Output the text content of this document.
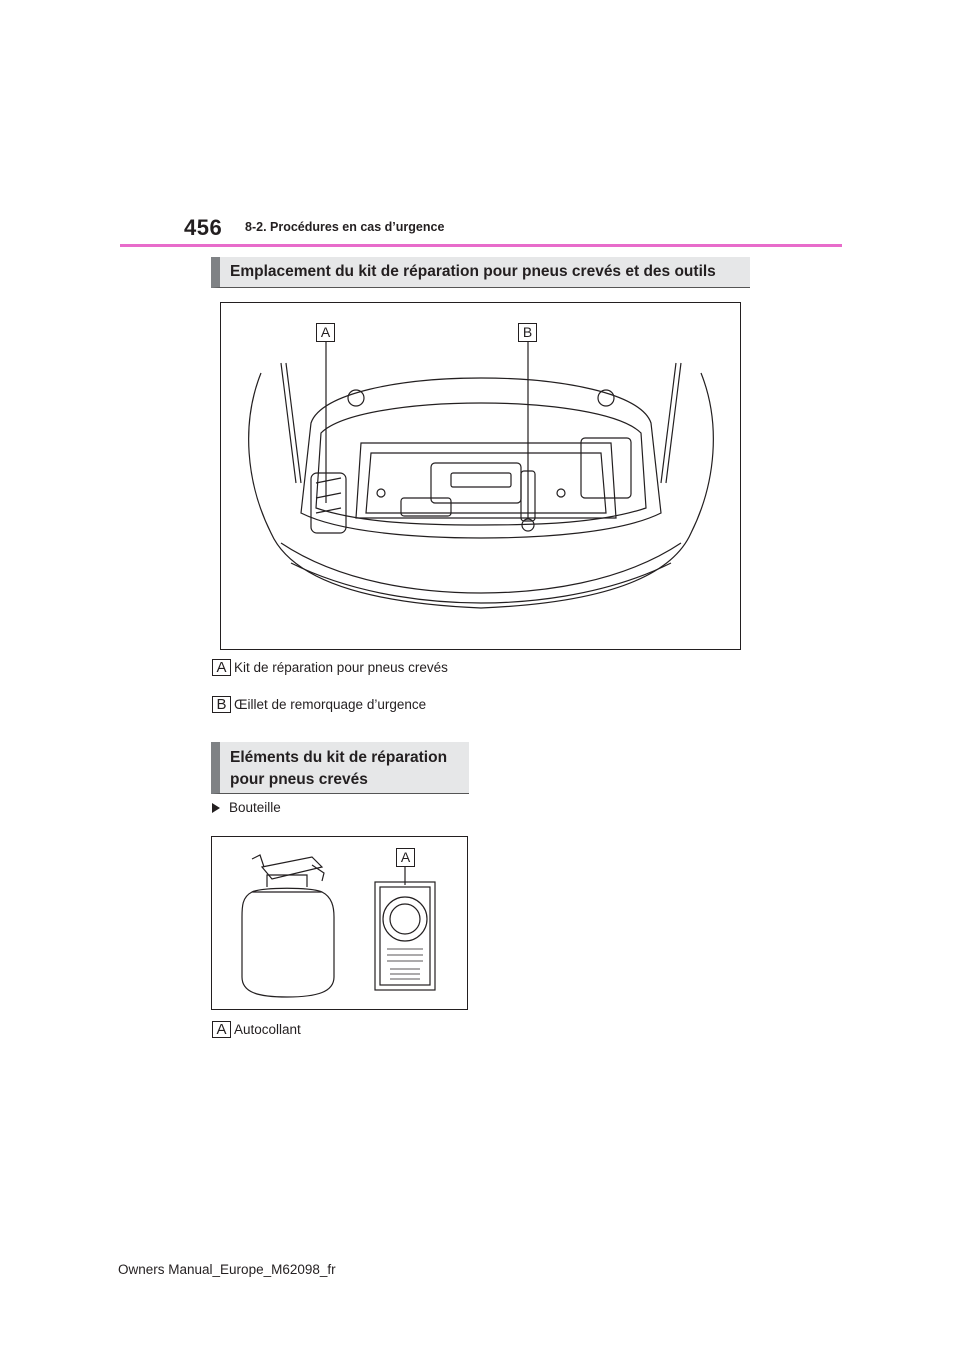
456 8-2. Procédures en cas d’urgence
Emplacement du kit de réparation pour pneus crevés et des outils
A	B
A Kit de réparation pour pneus crevés
B Œillet de remorquage d’urgence
Eléments du kit de réparation
pour pneus crevés
Bouteille
A
A Autocollant
Owners Manual_Europe_M62098_fr
